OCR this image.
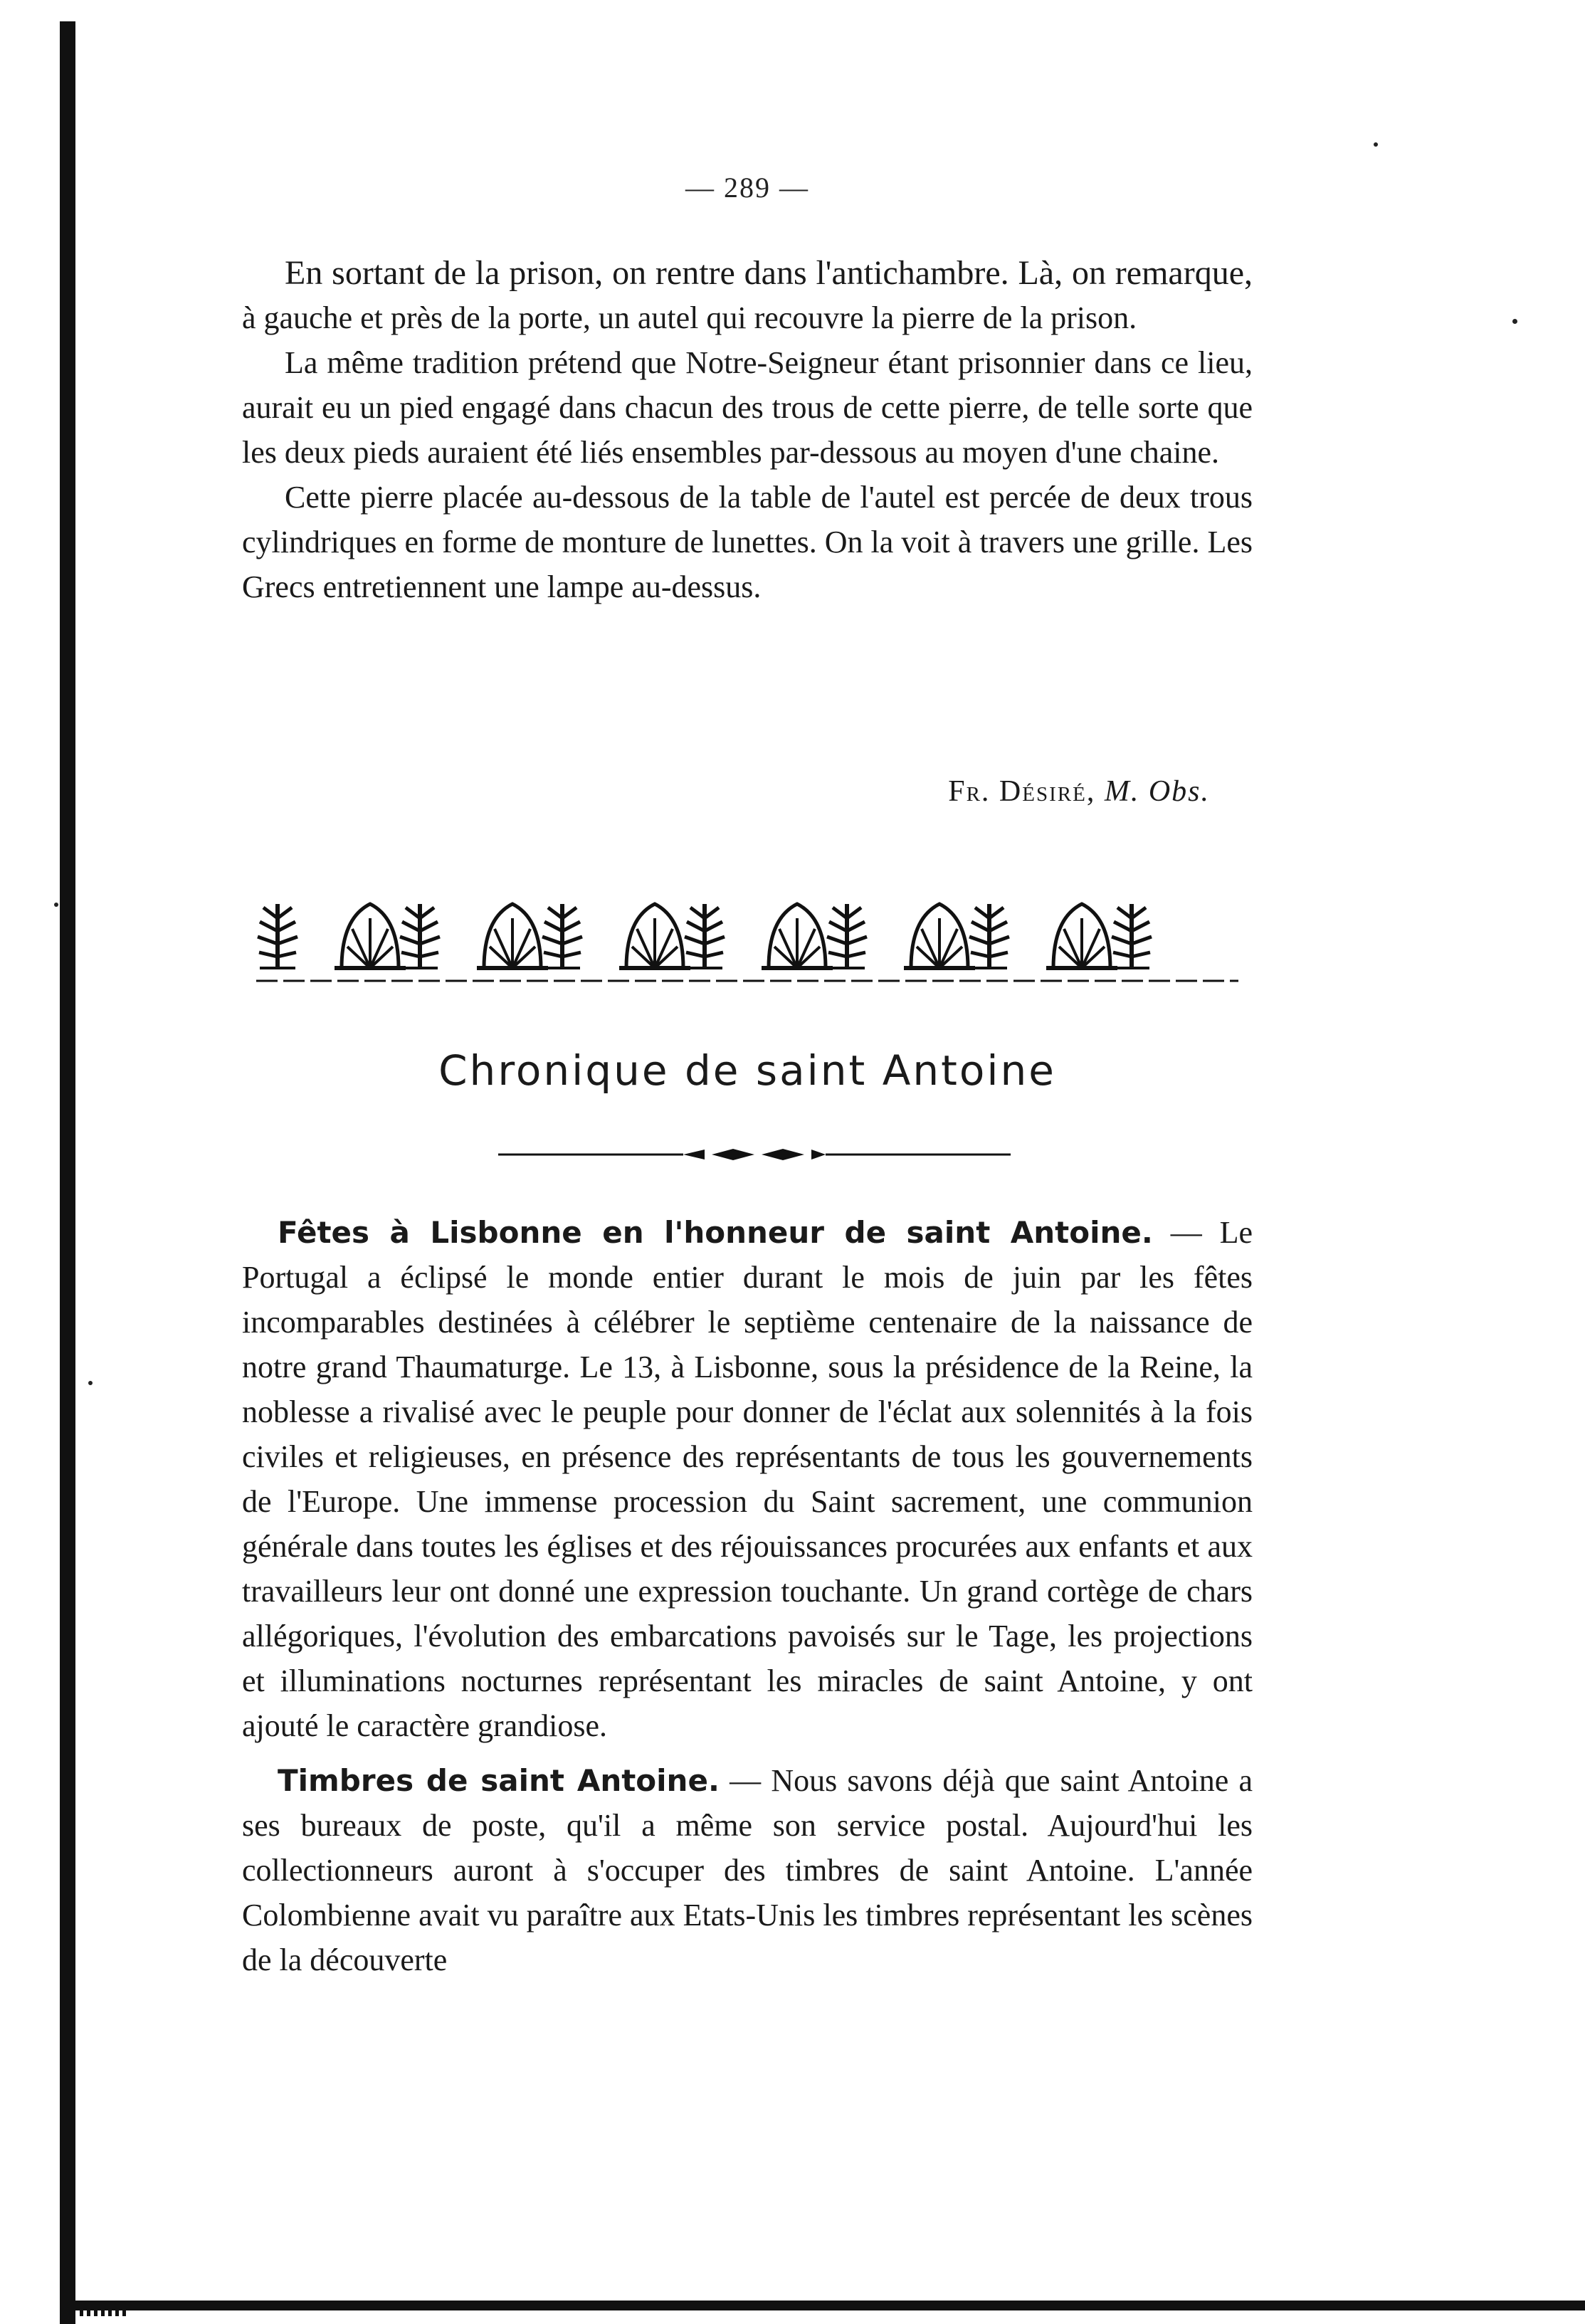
— 289 —

En sortant de la prison, on rentre dans l'antichambre. Là, on remarque, à gauche et près de la porte, un autel qui recouvre la pierre de la prison.

La même tradition prétend que Notre-Seigneur étant prisonnier dans ce lieu, aurait eu un pied engagé dans chacun des trous de cette pierre, de telle sorte que les deux pieds auraient été liés ensembles par-dessous au moyen d'une chaine.

Cette pierre placée au-dessous de la table de l'autel est percée de deux trous cylindriques en forme de monture de lunettes. On la voit à travers une grille. Les Grecs entretiennent une lampe au-dessus.

Fr. Désiré, M. Obs.
Chronique de saint Antoine

Fêtes à Lisbonne en l'honneur de saint Antoine. — Le Portugal a éclipsé le monde entier durant le mois de juin par les fêtes incomparables destinées à célébrer le septième centenaire de la naissance de notre grand Thaumaturge. Le 13, à Lisbonne, sous la présidence de la Reine, la noblesse a rivalisé avec le peuple pour donner de l'éclat aux solennités à la fois civiles et religieuses, en présence des représentants de tous les gouvernements de l'Europe. Une immense procession du Saint sacrement, une communion générale dans toutes les églises et des réjouissances procurées aux enfants et aux travailleurs leur ont donné une expression touchante. Un grand cortège de chars allégoriques, l'évolution des embarcations pavoisés sur le Tage, les projections et illuminations nocturnes représentant les miracles de saint Antoine, y ont ajouté le caractère grandiose.

Timbres de saint Antoine. — Nous savons déjà que saint Antoine a ses bureaux de poste, qu'il a même son service postal. Aujourd'hui les collectionneurs auront à s'occuper des timbres de saint Antoine. L'année Colombienne avait vu paraître aux Etats-Unis les timbres représentant les scènes de la découverte
